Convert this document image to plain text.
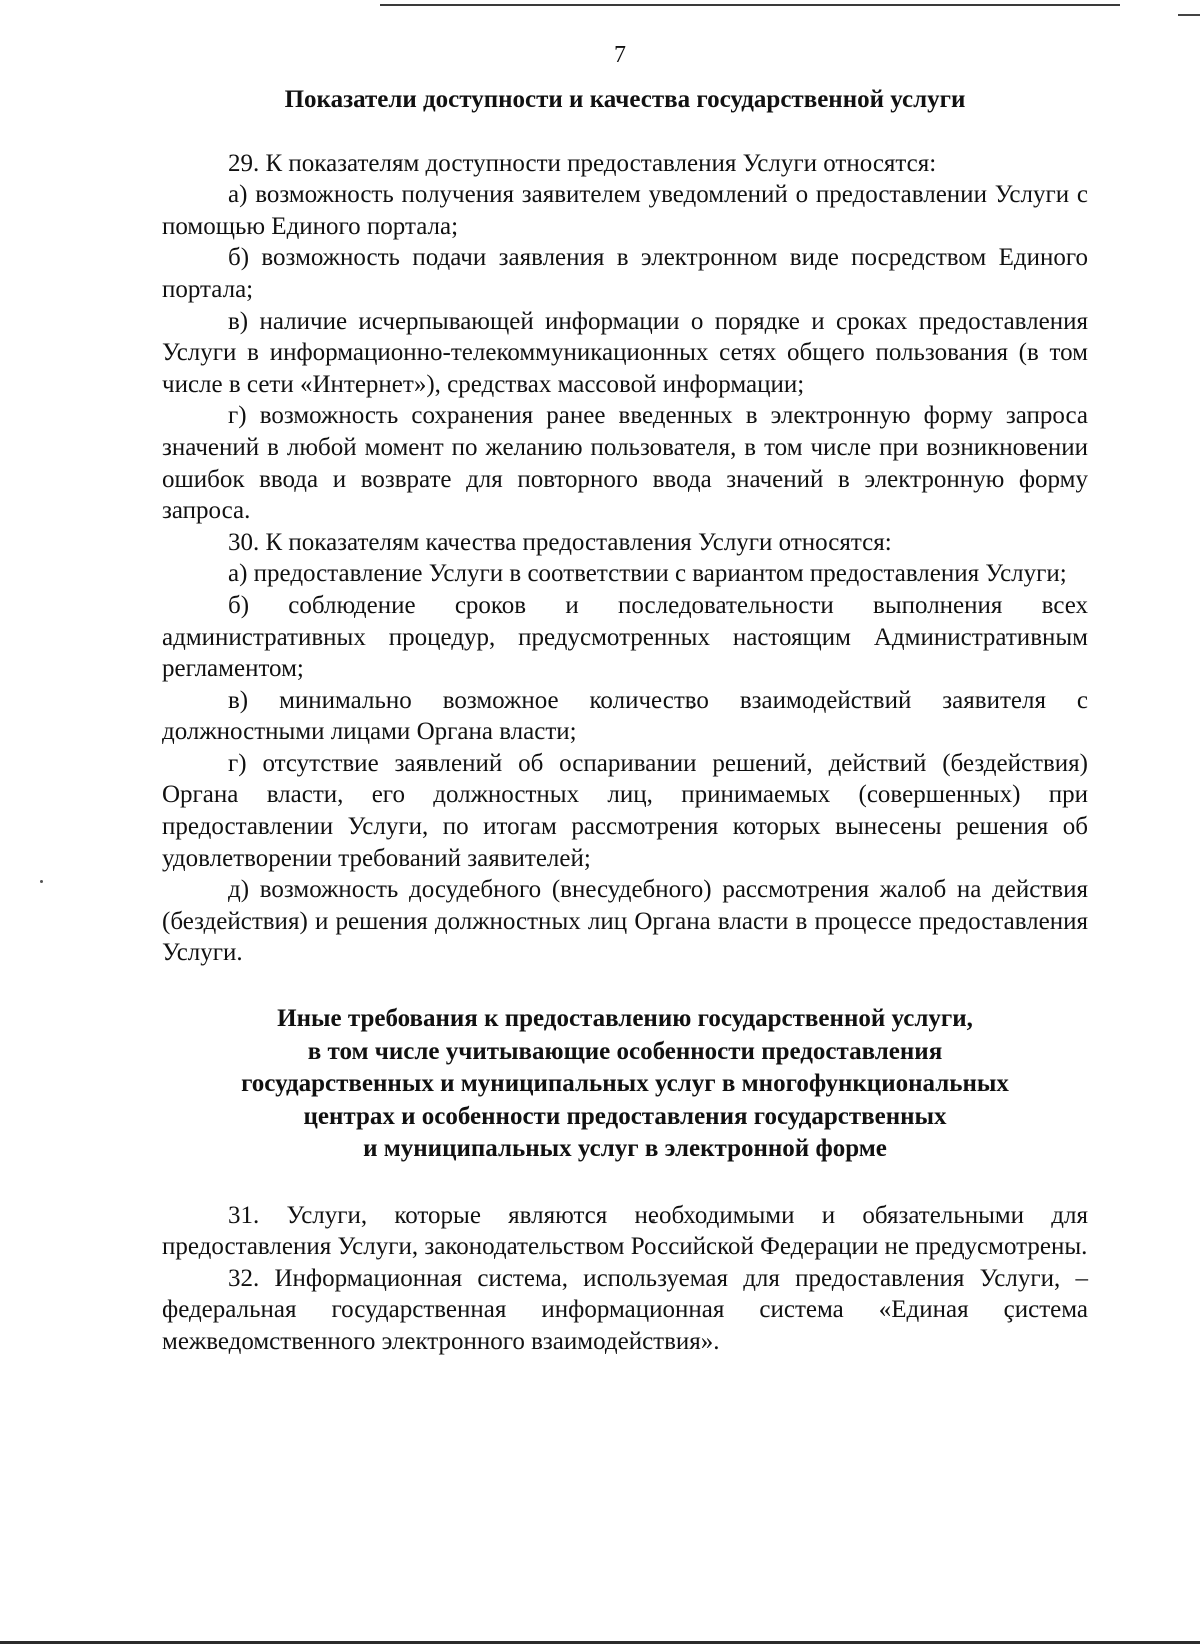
7
Показатели доступности и качества государственной услуги

29. К показателям доступности предоставления Услуги относятся:

а) возможность получения заявителем уведомлений о предоставлении Услуги с помощью Единого портала;

б) возможность подачи заявления в электронном виде посредством Единого портала;

в) наличие исчерпывающей информации о порядке и сроках предоставления Услуги в информационно-телекоммуникационных сетях общего пользования (в том числе в сети «Интернет»), средствах массовой информации;

г) возможность сохранения ранее введенных в электронную форму запроса значений в любой момент по желанию пользователя, в том числе при возникновении ошибок ввода и возврате для повторного ввода значений в электронную форму запроса.

30. К показателям качества предоставления Услуги относятся:

а) предоставление Услуги в соответствии с вариантом предоставления Услуги;

б) соблюдение сроков и последовательности выполнения всех административных процедур, предусмотренных настоящим Административным регламентом;

в) минимально возможное количество взаимодействий заявителя с должностными лицами Органа власти;

г) отсутствие заявлений об оспаривании решений, действий (бездействия) Органа власти, его должностных лиц, принимаемых (совершенных) при предоставлении Услуги, по итогам рассмотрения которых вынесены решения об удовлетворении требований заявителей;

д) возможность досудебного (внесудебного) рассмотрения жалоб на действия (бездействия) и решения должностных лиц Органа власти в процессе предоставления Услуги.

Иные требования к предоставлению государственной услуги,
в том числе учитывающие особенности предоставления
государственных и муниципальных услуг в многофункциональных
центрах и особенности предоставления государственных
и муниципальных услуг в электронной форме

31. Услуги, которые являются необходимыми и обязательными для предоставления Услуги, законодательством Российской Федерации не предусмотрены.

32. Информационная система, используемая для предоставления Услуги, – федеральная государственная информационная система «Единая çистема межведомственного электронного взаимодействия».
